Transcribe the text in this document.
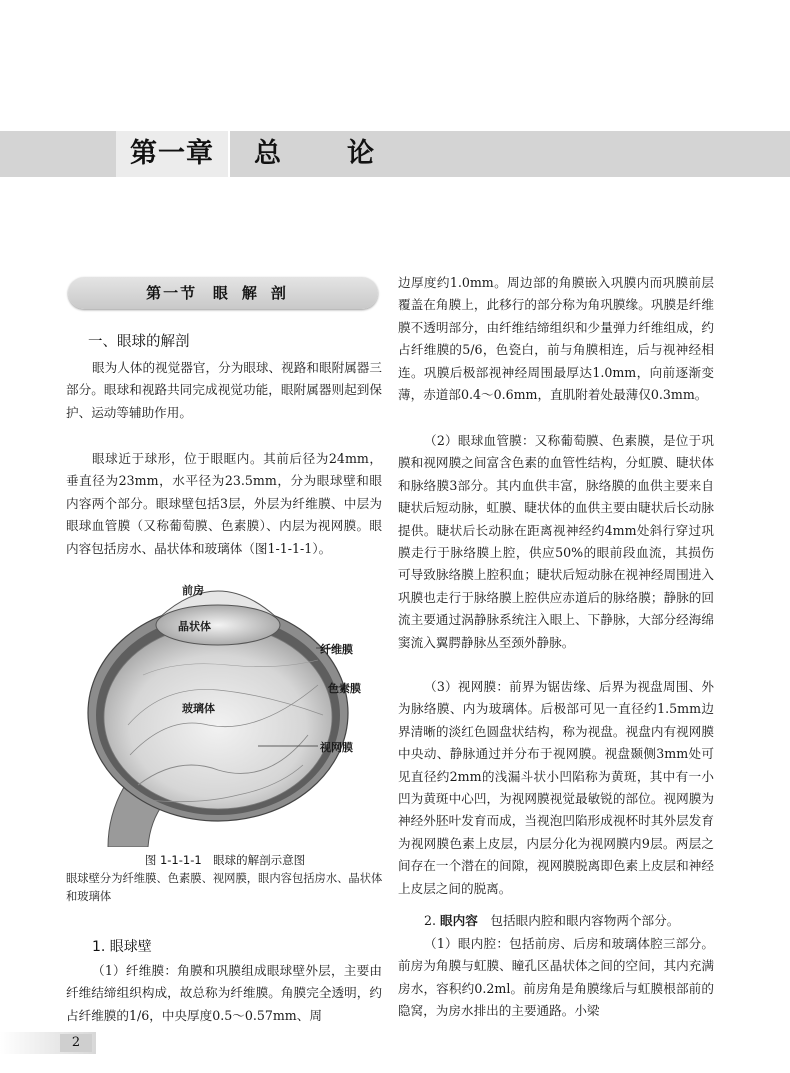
第一章	总论
第一节 眼解剖
一、眼球的解剖

眼为人体的视觉器官，分为眼球、视路和眼附属器三部分。眼球和视路共同完成视觉功能，眼附属器则起到保护、运动等辅助作用。

眼球近于球形，位于眼眶内。其前后径为24mm，垂直径为23mm，水平径为23.5mm，分为眼球壁和眼内容两个部分。眼球壁包括3层，外层为纤维膜、中层为眼球血管膜（又称葡萄膜、色素膜）、内层为视网膜。眼内容包括房水、晶状体和玻璃体（图1-1-1-1）。

前房
晶状体
纤维膜
色素膜
玻璃体
视网膜
图 1-1-1-1　眼球的解剖示意图
眼球壁分为纤维膜、色素膜、视网膜，眼内容包括房水、晶状体和玻璃体
1. 眼球壁

（1）纤维膜：角膜和巩膜组成眼球壁外层，主要由纤维结缔组织构成，故总称为纤维膜。角膜完全透明，约占纤维膜的1/6，中央厚度0.5～0.57mm、周

边厚度约1.0mm。周边部的角膜嵌入巩膜内而巩膜前层覆盖在角膜上，此移行的部分称为角巩膜缘。巩膜是纤维膜不透明部分，由纤维结缔组织和少量弹力纤维组成，约占纤维膜的5/6，色瓷白，前与角膜相连，后与视神经相连。巩膜后极部视神经周围最厚达1.0mm，向前逐渐变薄，赤道部0.4～0.6mm，直肌附着处最薄仅0.3mm。

（2）眼球血管膜：又称葡萄膜、色素膜，是位于巩膜和视网膜之间富含色素的血管性结构，分虹膜、睫状体和脉络膜3部分。其内血供丰富，脉络膜的血供主要来自睫状后短动脉，虹膜、睫状体的血供主要由睫状后长动脉提供。睫状后长动脉在距离视神经约4mm处斜行穿过巩膜走行于脉络膜上腔，供应50%的眼前段血流，其损伤可导致脉络膜上腔积血；睫状后短动脉在视神经周围进入巩膜也走行于脉络膜上腔供应赤道后的脉络膜；静脉的回流主要通过涡静脉系统注入眼上、下静脉，大部分经海绵窦流入翼腭静脉丛至颈外静脉。

（3）视网膜：前界为锯齿缘、后界为视盘周围、外为脉络膜、内为玻璃体。后极部可见一直径约1.5mm边界清晰的淡红色圆盘状结构，称为视盘。视盘内有视网膜中央动、静脉通过并分布于视网膜。视盘颞侧3mm处可见直径约2mm的浅漏斗状小凹陷称为黄斑，其中有一小凹为黄斑中心凹，为视网膜视觉最敏锐的部位。视网膜为神经外胚叶发育而成，当视泡凹陷形成视杯时其外层发育为视网膜色素上皮层，内层分化为视网膜内9层。两层之间存在一个潜在的间隙，视网膜脱离即色素上皮层和神经上皮层之间的脱离。

2. 眼内容　包括眼内腔和眼内容物两个部分。

（1）眼内腔：包括前房、后房和玻璃体腔三部分。前房为角膜与虹膜、瞳孔区晶状体之间的空间，其内充满房水，容积约0.2ml。前房角是角膜缘后与虹膜根部前的隐窝，为房水排出的主要通路。小梁

2
